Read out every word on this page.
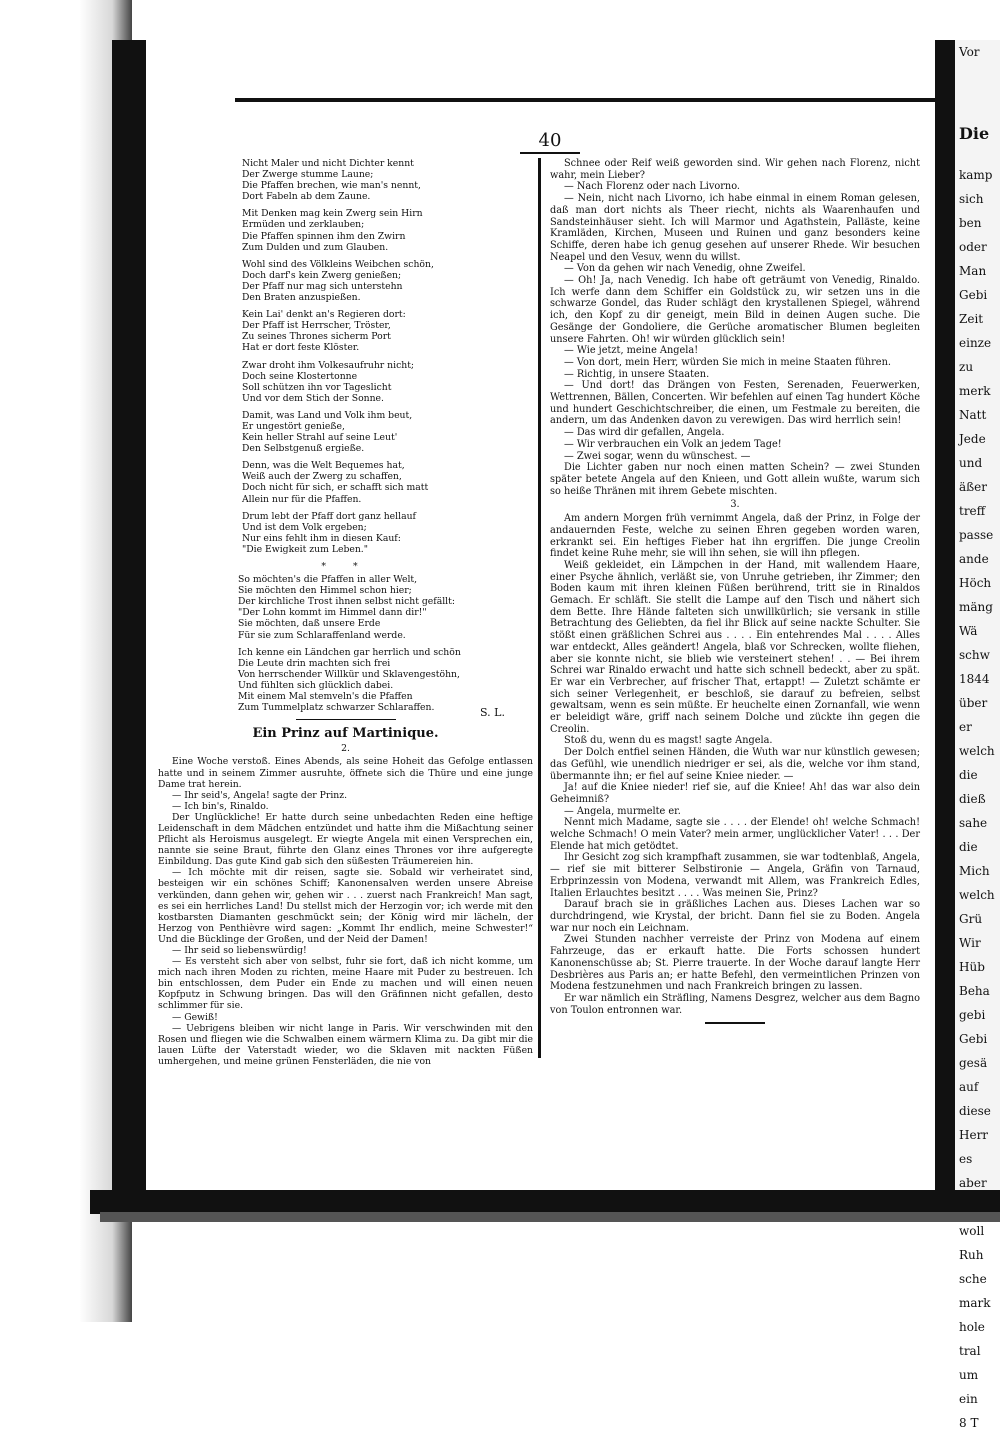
Vor
Die
kamp
sich
ben
oder
Man
Gebi
Zeit
einze
zu
merk
Natt
Jede
und
äßer
treff
passe
ande
Höch
mäng
Wä
schw
1844
über
er
welch
die
dieß
sahe
die
Mich
welch
Grü
Wir
Hüb
Beha
gebi
Gebi
gesä
auf
diese
Herr
es
aber
woll
Ruh
sche
mark
hole
tral
um
ein
8 T
40
Nicht Maler und nicht Dichter kennt
Der Zwerge stumme Laune;
Die Pfaffen brechen, wie man's nennt,
Dort Fabeln ab dem Zaune.
Mit Denken mag kein Zwerg sein Hirn
Ermüden und zerklauben;
Die Pfaffen spinnen ihm den Zwirn
Zum Dulden und zum Glauben.
Wohl sind des Völkleins Weibchen schön,
Doch darf's kein Zwerg genießen;
Der Pfaff nur mag sich unterstehn
Den Braten anzuspießen.
Kein Lai' denkt an's Regieren dort:
Der Pfaff ist Herrscher, Tröster,
Zu seines Thrones sicherm Port
Hat er dort feste Klöster.
Zwar droht ihm Volkesaufruhr nicht;
Doch seine Klostertonne
Soll schützen ihn vor Tageslicht
Und vor dem Stich der Sonne.
Damit, was Land und Volk ihm beut,
Er ungestört genieße,
Kein heller Strahl auf seine Leut'
Den Selbstgenuß ergieße.
Denn, was die Welt Bequemes hat,
Weiß auch der Zwerg zu schaffen,
Doch nicht für sich, er schafft sich matt
Allein nur für die Pfaffen.
Drum lebt der Pfaff dort ganz hellauf
Und ist dem Volk ergeben;
Nur eins fehlt ihm in diesen Kauf:
"Die Ewigkeit zum Leben."
* *
So möchten's die Pfaffen in aller Welt,
Sie möchten den Himmel schon hier;
Der kirchliche Trost ihnen selbst nicht gefällt:
"Der Lohn kommt im Himmel dann dir!"
Sie möchten, daß unsere Erde
Für sie zum Schlaraffenland werde.
Ich kenne ein Ländchen gar herrlich und schön
Die Leute drin machten sich frei
Von herrschender Willkür und Sklavengestöhn,
Und fühlten sich glücklich dabei.
Mit einem Mal stemveln's die Pfaffen
Zum Tummelplatz schwarzer Schlaraffen.
Ein Prinz auf Martinique.
2.

Eine Woche verstoß. Eines Abends, als seine Hoheit das Gefolge entlassen hatte und in seinem Zimmer ausruhte, öffnete sich die Thüre und eine junge Dame trat herein.

— Ihr seid's, Angela! sagte der Prinz.

— Ich bin's, Rinaldo.

Der Unglückliche! Er hatte durch seine unbedachten Reden eine heftige Leidenschaft in dem Mädchen entzündet und hatte ihm die Mißachtung seiner Pflicht als Heroismus ausgelegt. Er wiegte Angela mit einen Versprechen ein, nannte sie seine Braut, führte den Glanz eines Thrones vor ihre aufgeregte Einbildung. Das gute Kind gab sich den süßesten Träumereien hin.

— Ich möchte mit dir reisen, sagte sie. Sobald wir verheiratet sind, besteigen wir ein schönes Schiff; Kanonensalven werden unsere Abreise verkünden, dann gehen wir, gehen wir . . . zuerst nach Frankreich! Man sagt, es sei ein herrliches Land! Du stellst mich der Herzogin vor; ich werde mit den kostbarsten Diamanten geschmückt sein; der König wird mir lächeln, der Herzog von Penthièvre wird sagen: „Kommt Ihr endlich, meine Schwester!“ Und die Bücklinge der Großen, und der Neid der Damen!

— Ihr seid so liebenswürdig!

— Es versteht sich aber von selbst, fuhr sie fort, daß ich nicht komme, um mich nach ihren Moden zu richten, meine Haare mit Puder zu bestreuen. Ich bin entschlossen, dem Puder ein Ende zu machen und will einen neuen Kopfputz in Schwung bringen. Das will den Gräfinnen nicht gefallen, desto schlimmer für sie.

— Gewiß!

— Uebrigens bleiben wir nicht lange in Paris. Wir verschwinden mit den Rosen und fliegen wie die Schwalben einem wärmern Klima zu. Da gibt mir die lauen Lüfte der Vaterstadt wieder, wo die Sklaven mit nackten Füßen umhergehen, und meine grünen Fensterläden, die nie von

S. L.

Schnee oder Reif weiß geworden sind. Wir gehen nach Florenz, nicht wahr, mein Lieber?

— Nach Florenz oder nach Livorno.

— Nein, nicht nach Livorno, ich habe einmal in einem Roman gelesen, daß man dort nichts als Theer riecht, nichts als Waarenhaufen und Sandsteinhäuser sieht. Ich will Marmor und Agathstein, Palläste, keine Kramläden, Kirchen, Museen und Ruinen und ganz besonders keine Schiffe, deren habe ich genug gesehen auf unserer Rhede. Wir besuchen Neapel und den Vesuv, wenn du willst.

— Von da gehen wir nach Venedig, ohne Zweifel.

— Oh! Ja, nach Venedig. Ich habe oft geträumt von Venedig, Rinaldo. Ich werfe dann dem Schiffer ein Goldstück zu, wir setzen uns in die schwarze Gondel, das Ruder schlägt den krystallenen Spiegel, während ich, den Kopf zu dir geneigt, mein Bild in deinen Augen suche. Die Gesänge der Gondoliere, die Gerüche aromatischer Blumen begleiten unsere Fahrten. Oh! wir würden glücklich sein!

— Wie jetzt, meine Angela!

— Von dort, mein Herr, würden Sie mich in meine Staaten führen.

— Richtig, in unsere Staaten.

— Und dort! das Drängen von Festen, Serenaden, Feuerwerken, Wettrennen, Bällen, Concerten. Wir befehlen auf einen Tag hundert Köche und hundert Geschichtschreiber, die einen, um Festmale zu bereiten, die andern, um das Andenken davon zu verewigen. Das wird herrlich sein!

— Das wird dir gefallen, Angela.

— Wir verbrauchen ein Volk an jedem Tage!

— Zwei sogar, wenn du wünschest. —

Die Lichter gaben nur noch einen matten Schein? — zwei Stunden später betete Angela auf den Knieen, und Gott allein wußte, warum sich so heiße Thränen mit ihrem Gebete mischten.

3.

Am andern Morgen früh vernimmt Angela, daß der Prinz, in Folge der andauernden Feste, welche zu seinen Ehren gegeben worden waren, erkrankt sei. Ein heftiges Fieber hat ihn ergriffen. Die junge Creolin findet keine Ruhe mehr, sie will ihn sehen, sie will ihn pflegen.

Weiß gekleidet, ein Lämpchen in der Hand, mit wallendem Haare, einer Psyche ähnlich, verläßt sie, von Unruhe getrieben, ihr Zimmer; den Boden kaum mit ihren kleinen Füßen berührend, tritt sie in Rinaldos Gemach. Er schläft. Sie stellt die Lampe auf den Tisch und nähert sich dem Bette. Ihre Hände falteten sich unwillkürlich; sie versank in stille Betrachtung des Geliebten, da fiel ihr Blick auf seine nackte Schulter. Sie stößt einen gräßlichen Schrei aus . . . . Ein entehrendes Mal . . . . Alles war entdeckt, Alles geändert! Angela, blaß vor Schrecken, wollte fliehen, aber sie konnte nicht, sie blieb wie versteinert stehen! . . — Bei ihrem Schrei war Rinaldo erwacht und hatte sich schnell bedeckt, aber zu spät. Er war ein Verbrecher, auf frischer That, ertappt! — Zuletzt schämte er sich seiner Verlegenheit, er beschloß, sie darauf zu befreien, selbst gewaltsam, wenn es sein müßte. Er heuchelte einen Zornanfall, wie wenn er beleidigt wäre, griff nach seinem Dolche und zückte ihn gegen die Creolin.

Stoß du, wenn du es magst! sagte Angela.

Der Dolch entfiel seinen Händen, die Wuth war nur künstlich gewesen; das Gefühl, wie unendlich niedriger er sei, als die, welche vor ihm stand, übermannte ihn; er fiel auf seine Kniee nieder. —

Ja! auf die Kniee nieder! rief sie, auf die Kniee! Ah! das war also dein Geheimniß?

— Angela, murmelte er.

Nennt mich Madame, sagte sie . . . . der Elende! oh! welche Schmach! welche Schmach! O mein Vater? mein armer, unglücklicher Vater! . . . Der Elende hat mich getödtet.

Ihr Gesicht zog sich krampfhaft zusammen, sie war todtenblaß, Angela, — rief sie mit bitterer Selbstironie — Angela, Gräfin von Tarnaud, Erbprinzessin von Modena, verwandt mit Allem, was Frankreich Edles, Italien Erlauchtes besitzt . . . . Was meinen Sie, Prinz?

Darauf brach sie in gräßliches Lachen aus. Dieses Lachen war so durchdringend, wie Krystal, der bricht. Dann fiel sie zu Boden. Angela war nur noch ein Leichnam.

Zwei Stunden nachher verreiste der Prinz von Modena auf einem Fahrzeuge, das er erkauft hatte. Die Forts schossen hundert Kanonenschüsse ab; St. Pierre trauerte. In der Woche darauf langte Herr Desbrières aus Paris an; er hatte Befehl, den vermeintlichen Prinzen von Modena festzunehmen und nach Frankreich bringen zu lassen.

Er war nämlich ein Sträfling, Namens Desgrez, welcher aus dem Bagno von Toulon entronnen war.
